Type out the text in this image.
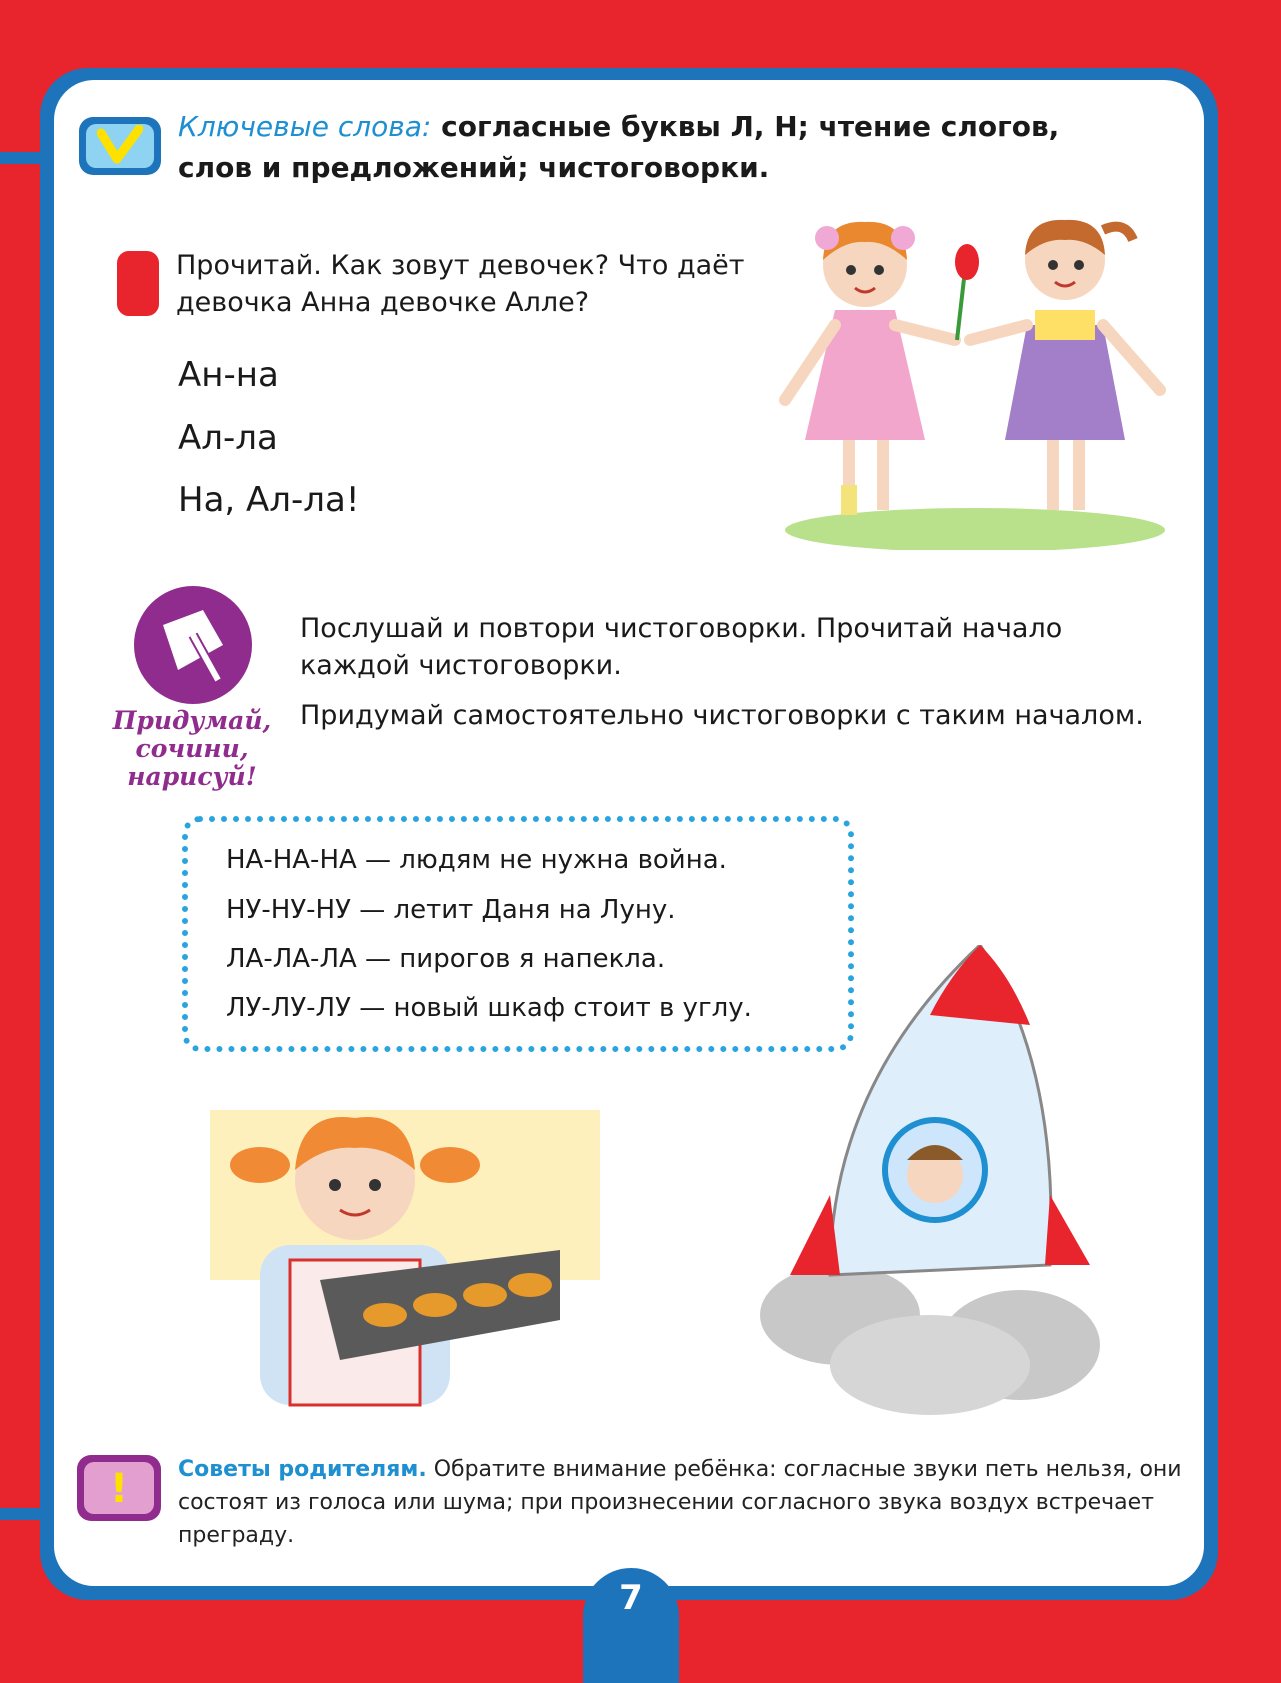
Ключевые слова: согласные буквы Л, Н; чтение слогов,
слов и предложений; чистоговорки.
Прочитай. Как зовут девочек? Что даёт
девочка Анна девочке Алле?
Ан-на
Ал-ла
На, Ал-ла!
Придумай,
сочини,
нарисуй!
Послушай и повтори чистоговорки. Прочитай начало
каждой чистоговорки.
Придумай самостоятельно чистоговорки с таким началом.
НА-НА-НА — людям не нужна война.
НУ-НУ-НУ — летит Даня на Луну.
ЛА-ЛА-ЛА — пирогов я напекла.
ЛУ-ЛУ-ЛУ — новый шкаф стоит в углу.
!	Советы родителям. Обратите внимание ребёнка: согласные звуки петь нельзя, они
состоят из голоса или шума; при произнесении согласного звука воздух встречает
преграду.
7
